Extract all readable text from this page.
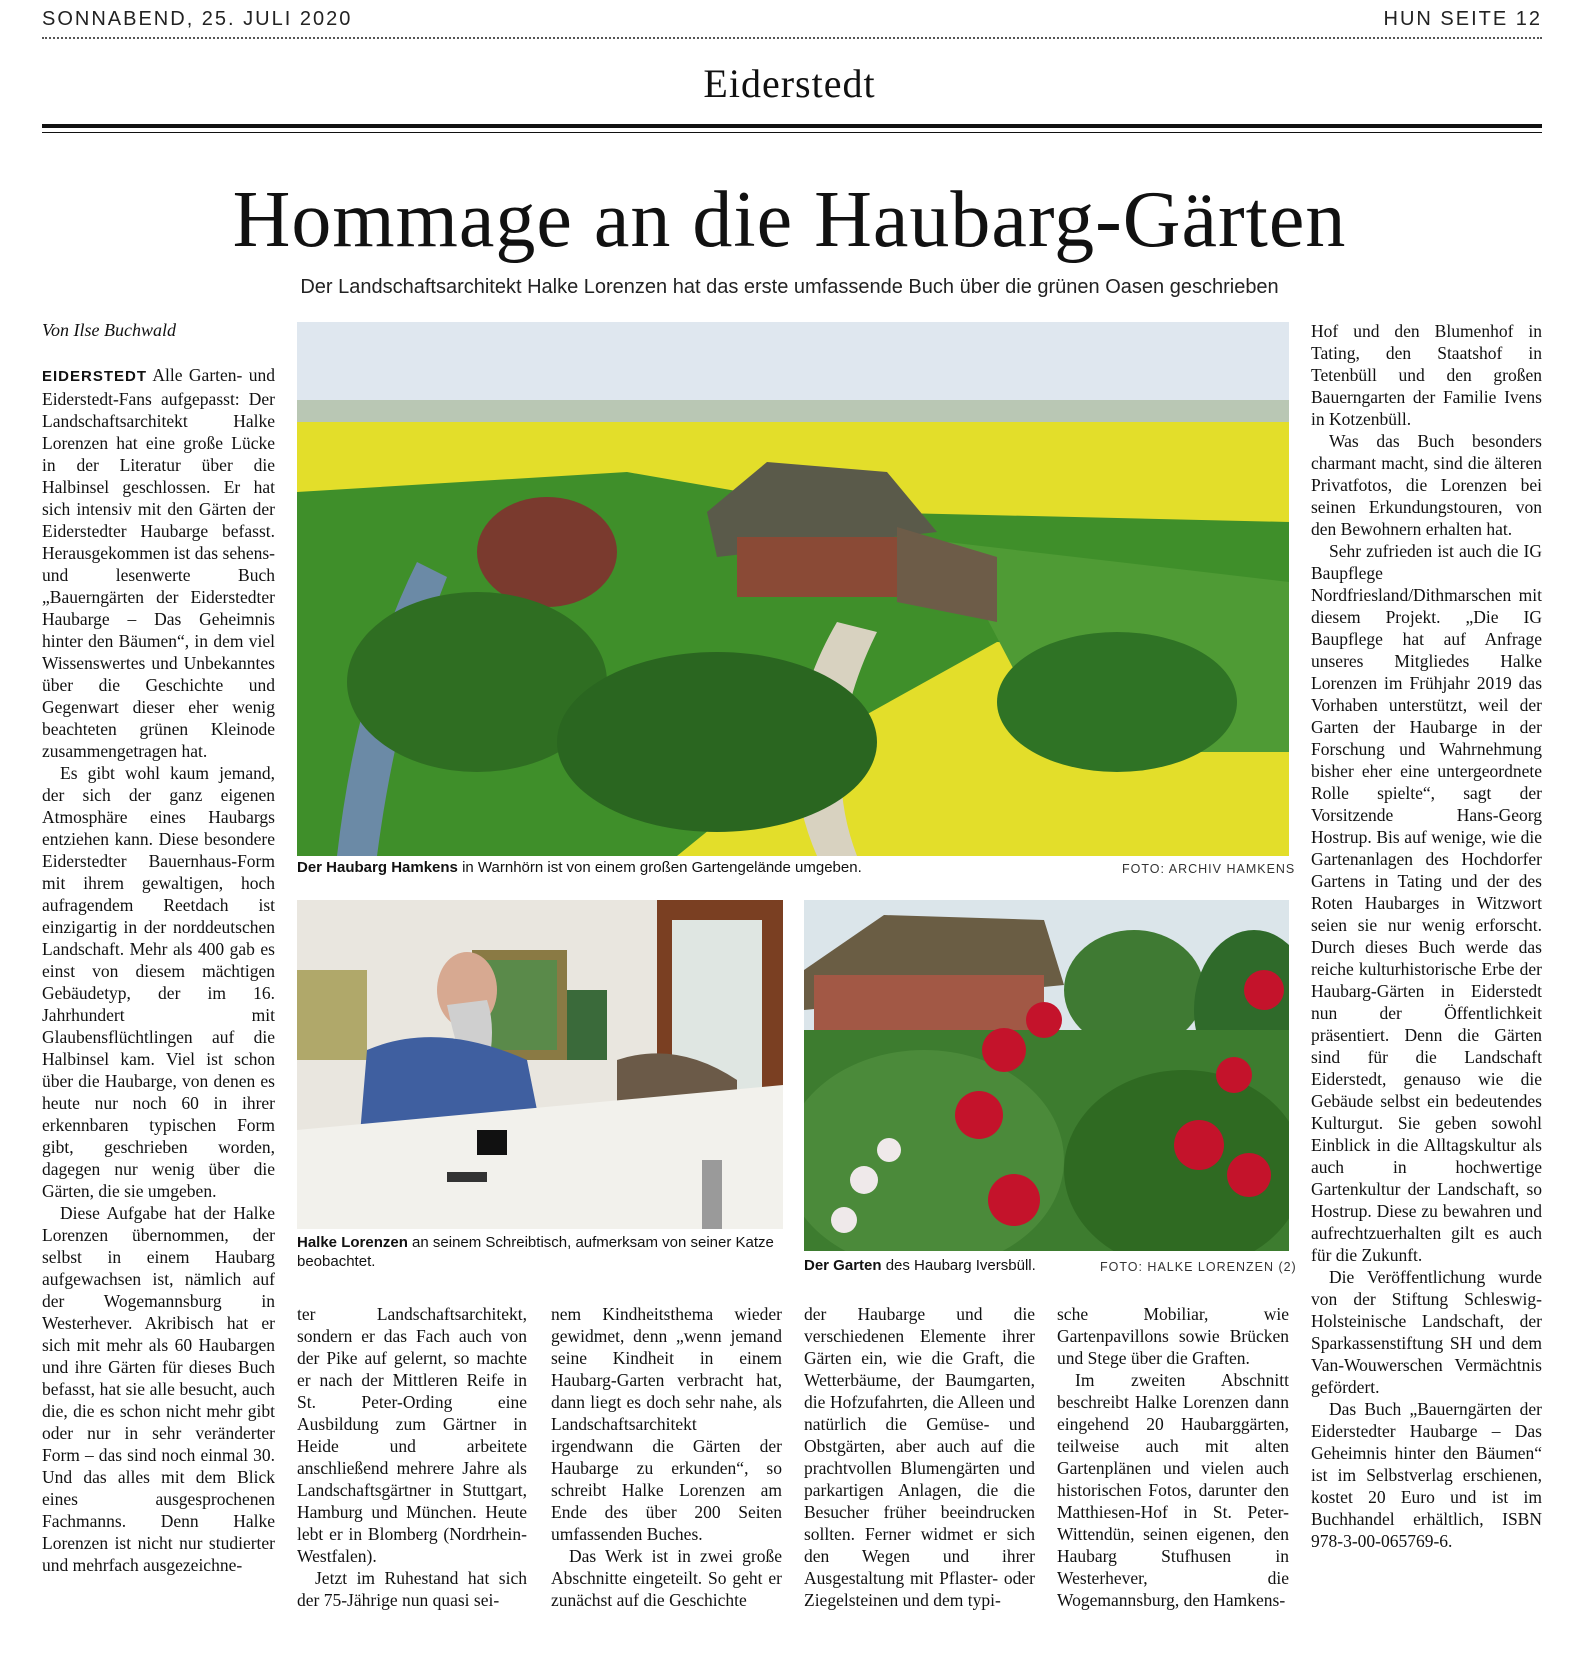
SONNABEND, 25. JULI 2020	HUN SEITE 12
Eiderstedt
Hommage an die Haubarg-Gärten
Der Landschaftsarchitekt Halke Lorenzen hat das erste umfassende Buch über die grünen Oasen geschrieben
Von Ilse Buchwald

EIDERSTEDT Alle Garten- und Eiderstedt-Fans aufgepasst: Der Landschaftsarchitekt Halke Lorenzen hat eine große Lücke in der Literatur über die Halbinsel geschlossen. Er hat sich intensiv mit den Gärten der Eiderstedter Haubarge befasst. Herausgekommen ist das sehens- und lesenwerte Buch „Bauerngärten der Eiderstedter Haubarge – Das Geheimnis hinter den Bäumen“, in dem viel Wissenswertes und Unbekanntes über die Geschichte und Gegenwart dieser eher wenig beachteten grünen Kleinode zusammengetragen hat.

Es gibt wohl kaum jemand, der sich der ganz eigenen Atmosphäre eines Haubargs entziehen kann. Diese besondere Eiderstedter Bauernhaus-Form mit ihrem gewaltigen, hoch aufragendem Reetdach ist einzigartig in der norddeutschen Landschaft. Mehr als 400 gab es einst von diesem mächtigen Gebäudetyp, der im 16. Jahrhundert mit Glaubensflüchtlingen auf die Halbinsel kam. Viel ist schon über die Haubarge, von denen es heute nur noch 60 in ihrer erkennbaren typischen Form gibt, geschrieben worden, dagegen nur wenig über die Gärten, die sie umgeben.

Diese Aufgabe hat der Halke Lorenzen übernommen, der selbst in einem Haubarg aufgewachsen ist, nämlich auf der Wogemannsburg in Westerhever. Akribisch hat er sich mit mehr als 60 Haubargen und ihre Gärten für dieses Buch befasst, hat sie alle besucht, auch die, die es schon nicht mehr gibt oder nur in sehr veränderter Form – das sind noch einmal 30. Und das alles mit dem Blick eines ausgesprochenen Fachmanns. Denn Halke Lorenzen ist nicht nur studierter und mehrfach ausgezeichne-

Der Haubarg Hamkens in Warnhörn ist von einem großen Gartengelände umgeben.	FOTO: ARCHIV HAMKENS
Halke Lorenzen an seinem Schreibtisch, aufmerksam von seiner Katze beobachtet.	Der Garten des Haubarg Iversbüll.	FOTO: HALKE LORENZEN (2)

ter Landschaftsarchitekt, sondern er das Fach auch von der Pike auf gelernt, so machte er nach der Mittleren Reife in St. Peter-Ording eine Ausbildung zum Gärtner in Heide und arbeitete anschließend mehrere Jahre als Landschaftsgärtner in Stuttgart, Hamburg und München. Heute lebt er in Blomberg (Nordrhein-Westfalen).

Jetzt im Ruhestand hat sich der 75-Jährige nun quasi sei-

nem Kindheitsthema wieder gewidmet, denn „wenn jemand seine Kindheit in einem Haubarg-Garten verbracht hat, dann liegt es doch sehr nahe, als Landschaftsarchitekt irgendwann die Gärten der Haubarge zu erkunden“, so schreibt Halke Lorenzen am Ende des über 200 Seiten umfassenden Buches.

Das Werk ist in zwei große Abschnitte eingeteilt. So geht er zunächst auf die Geschichte

der Haubarge und die verschiedenen Elemente ihrer Gärten ein, wie die Graft, die Wetterbäume, der Baumgarten, die Hofzufahrten, die Alleen und natürlich die Gemüse- und Obstgärten, aber auch auf die prachtvollen Blumengärten und parkartigen Anlagen, die die Besucher früher beeindrucken sollten. Ferner widmet er sich den Wegen und ihrer Ausgestaltung mit Pflaster- oder Ziegelsteinen und dem typi-

sche Mobiliar, wie Gartenpavillons sowie Brücken und Stege über die Graften.

Im zweiten Abschnitt beschreibt Halke Lorenzen dann eingehend 20 Haubarggärten, teilweise auch mit alten Gartenplänen und vielen auch historischen Fotos, darunter den Matthiesen-Hof in St. Peter-Wittendün, seinen eigenen, den Haubarg Stufhusen in Westerhever, die Wogemannsburg, den Hamkens-

Hof und den Blumenhof in Tating, den Staatshof in Tetenbüll und den großen Bauerngarten der Familie Ivens in Kotzenbüll.

Was das Buch besonders charmant macht, sind die älteren Privatfotos, die Lorenzen bei seinen Erkundungstouren, von den Bewohnern erhalten hat.

Sehr zufrieden ist auch die IG Baupflege Nordfriesland/Dithmarschen mit diesem Projekt. „Die IG Baupflege hat auf Anfrage unseres Mitgliedes Halke Lorenzen im Frühjahr 2019 das Vorhaben unterstützt, weil der Garten der Haubarge in der Forschung und Wahrnehmung bisher eher eine untergeordnete Rolle spielte“, sagt der Vorsitzende Hans-Georg Hostrup. Bis auf wenige, wie die Gartenanlagen des Hochdorfer Gartens in Tating und der des Roten Haubarges in Witzwort seien sie nur wenig erforscht. Durch dieses Buch werde das reiche kulturhistorische Erbe der Haubarg-Gärten in Eiderstedt nun der Öffentlichkeit präsentiert. Denn die Gärten sind für die Landschaft Eiderstedt, genauso wie die Gebäude selbst ein bedeutendes Kulturgut. Sie geben sowohl Einblick in die Alltagskultur als auch in hochwertige Gartenkultur der Landschaft, so Hostrup. Diese zu bewahren und aufrechtzuerhalten gilt es auch für die Zukunft.

Die Veröffentlichung wurde von der Stiftung Schleswig-Holsteinische Landschaft, der Sparkassenstiftung SH und dem Van-Wouwerschen Vermächtnis gefördert.

Das Buch „Bauerngärten der Eiderstedter Haubarge – Das Geheimnis hinter den Bäumen“ ist im Selbstverlag erschienen, kostet 20 Euro und ist im Buchhandel erhältlich, ISBN 978-3-00-065769-6.
